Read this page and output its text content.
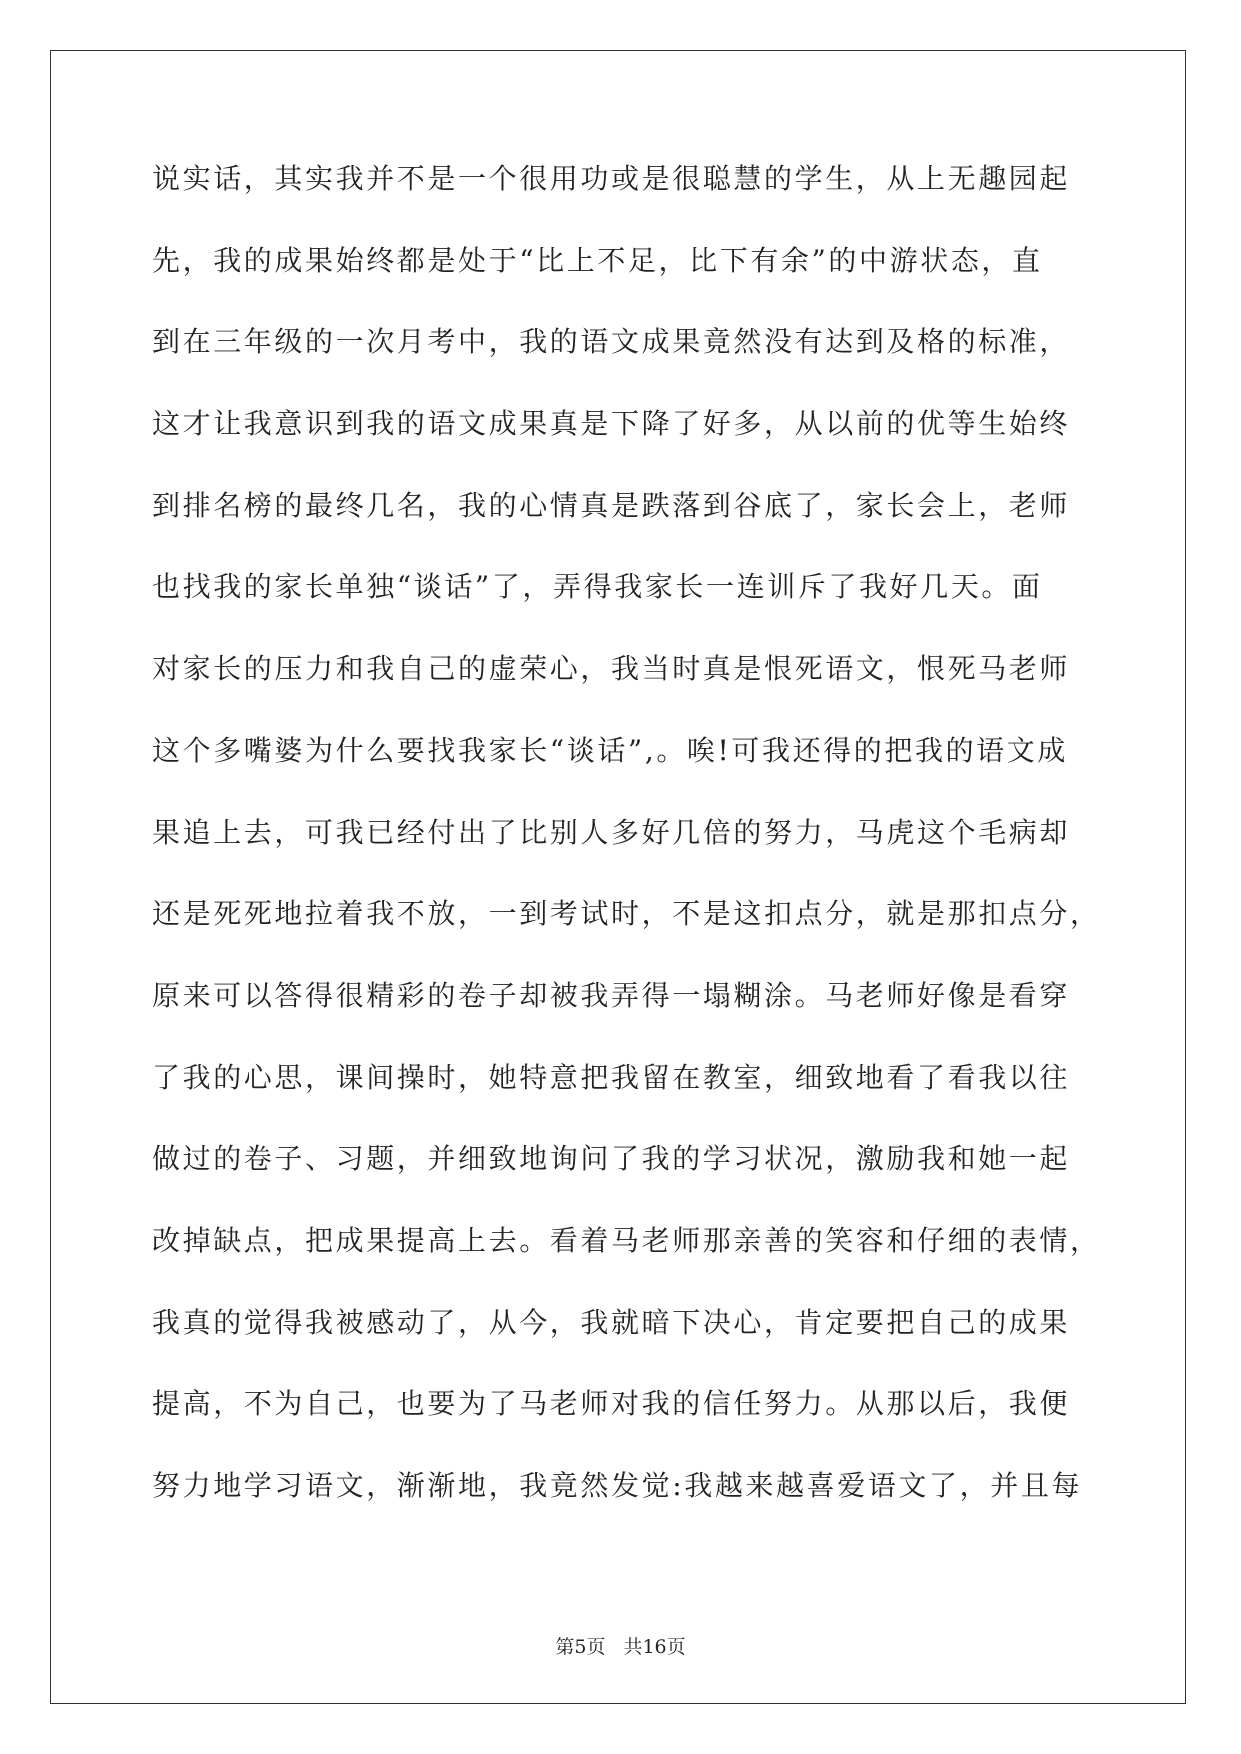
说实话，其实我并不是一个很用功或是很聪慧的学生，从上无趣园起
先，我的成果始终都是处于“比上不足，比下有余”的中游状态，直
到在三年级的一次月考中，我的语文成果竟然没有达到及格的标准，
这才让我意识到我的语文成果真是下降了好多，从以前的优等生始终
到排名榜的最终几名，我的心情真是跌落到谷底了，家长会上，老师
也找我的家长单独“谈话”了，弄得我家长一连训斥了我好几天。面
对家长的压力和我自己的虚荣心，我当时真是恨死语文，恨死马老师
这个多嘴婆为什么要找我家长“谈话”,。唉!可我还得的把我的语文成
果追上去，可我已经付出了比别人多好几倍的努力，马虎这个毛病却
还是死死地拉着我不放，一到考试时，不是这扣点分，就是那扣点分，
原来可以答得很精彩的卷子却被我弄得一塌糊涂。马老师好像是看穿
了我的心思，课间操时，她特意把我留在教室，细致地看了看我以往
做过的卷子、习题，并细致地询问了我的学习状况，激励我和她一起
改掉缺点，把成果提高上去。看着马老师那亲善的笑容和仔细的表情，
我真的觉得我被感动了，从今，我就暗下决心，肯定要把自己的成果
提高，不为自己，也要为了马老师对我的信任努力。从那以后，我便
努力地学习语文，渐渐地，我竟然发觉:我越来越喜爱语文了，并且每
第5页 共16页
